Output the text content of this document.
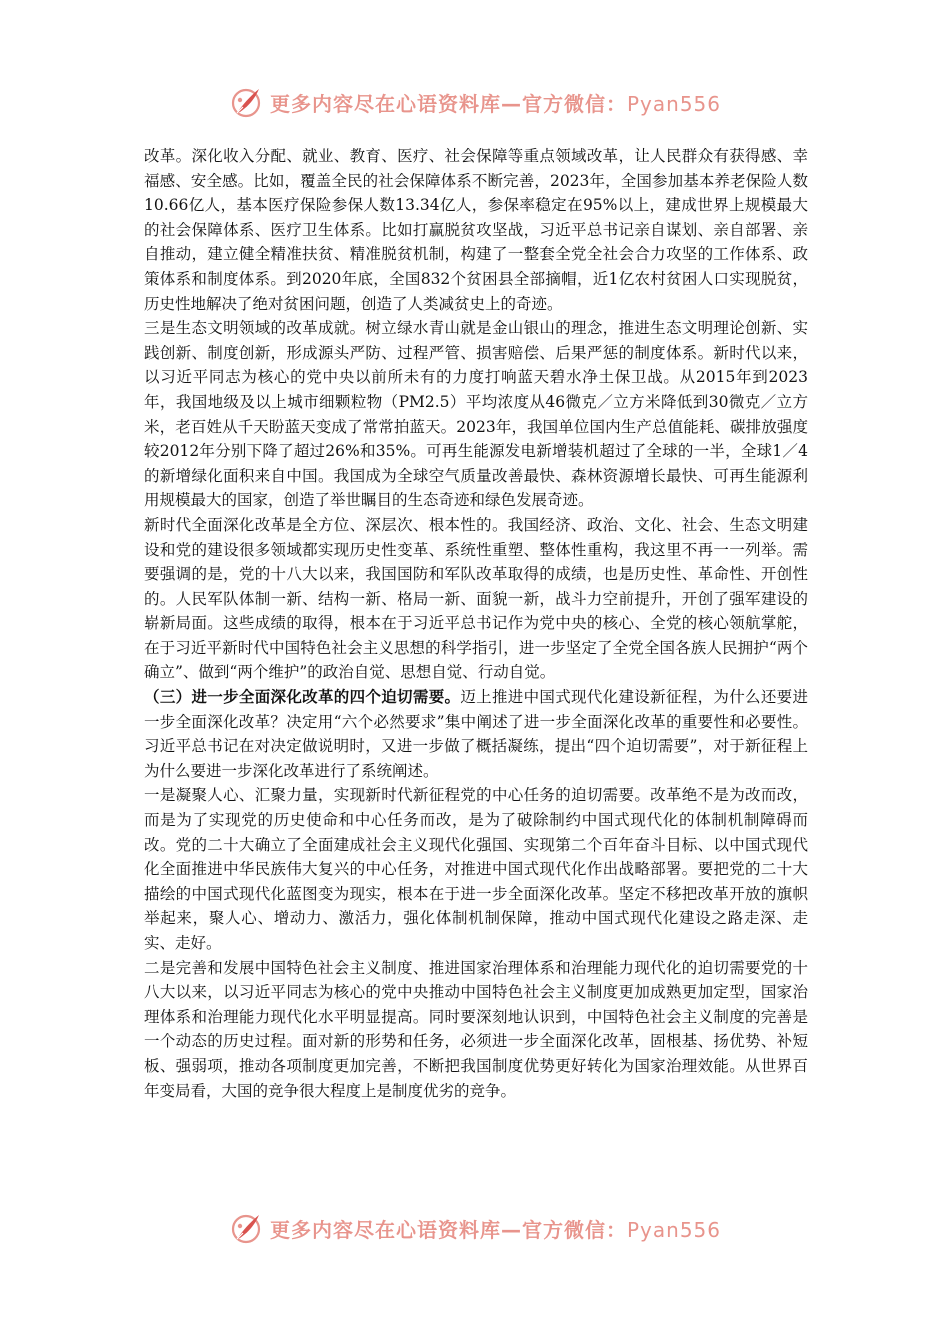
更多内容尽在心语资料库—官方微信：Pyan556

改革。深化收入分配、就业、教育、医疗、社会保障等重点领域改革，让人民群众有获得感、幸福感、安全感。比如，覆盖全民的社会保障体系不断完善，2023年，全国参加基本养老保险人数10.66亿人，基本医疗保险参保人数13.34亿人，参保率稳定在95%以上，建成世界上规模最大的社会保障体系、医疗卫生体系。比如打赢脱贫攻坚战，习近平总书记亲自谋划、亲自部署、亲自推动，建立健全精准扶贫、精准脱贫机制，构建了一整套全党全社会合力攻坚的工作体系、政策体系和制度体系。到2020年底，全国832个贫困县全部摘帽，近1亿农村贫困人口实现脱贫，历史性地解决了绝对贫困问题，创造了人类减贫史上的奇迹。

三是生态文明领域的改革成就。树立绿水青山就是金山银山的理念，推进生态文明理论创新、实践创新、制度创新，形成源头严防、过程严管、损害赔偿、后果严惩的制度体系。新时代以来，以习近平同志为核心的党中央以前所未有的力度打响蓝天碧水净土保卫战。从2015年到2023年，我国地级及以上城市细颗粒物（PM2.5）平均浓度从46微克／立方米降低到30微克／立方米，老百姓从千天盼蓝天变成了常常拍蓝天。2023年，我国单位国内生产总值能耗、碳排放强度较2012年分别下降了超过26%和35%。可再生能源发电新增装机超过了全球的一半，全球1／4的新增绿化面积来自中国。我国成为全球空气质量改善最快、森林资源增长最快、可再生能源利用规模最大的国家，创造了举世瞩目的生态奇迹和绿色发展奇迹。

新时代全面深化改革是全方位、深层次、根本性的。我国经济、政治、文化、社会、生态文明建设和党的建设很多领域都实现历史性变革、系统性重塑、整体性重构，我这里不再一一列举。需要强调的是，党的十八大以来，我国国防和军队改革取得的成绩，也是历史性、革命性、开创性的。人民军队体制一新、结构一新、格局一新、面貌一新，战斗力空前提升，开创了强军建设的崭新局面。这些成绩的取得，根本在于习近平总书记作为党中央的核心、全党的核心领航掌舵，在于习近平新时代中国特色社会主义思想的科学指引，进一步坚定了全党全国各族人民拥护“两个确立”、做到“两个维护”的政治自觉、思想自觉、行动自觉。

（三）进一步全面深化改革的四个迫切需要。迈上推进中国式现代化建设新征程，为什么还要进一步全面深化改革？决定用“六个必然要求”集中阐述了进一步全面深化改革的重要性和必要性。习近平总书记在对决定做说明时，又进一步做了概括凝练，提出“四个迫切需要”，对于新征程上为什么要进一步深化改革进行了系统阐述。

一是凝聚人心、汇聚力量，实现新时代新征程党的中心任务的迫切需要。改革绝不是为改而改，而是为了实现党的历史使命和中心任务而改，是为了破除制约中国式现代化的体制机制障碍而改。党的二十大确立了全面建成社会主义现代化强国、实现第二个百年奋斗目标、以中国式现代化全面推进中华民族伟大复兴的中心任务，对推进中国式现代化作出战略部署。要把党的二十大描绘的中国式现代化蓝图变为现实，根本在于进一步全面深化改革。坚定不移把改革开放的旗帜举起来，聚人心、增动力、激活力，强化体制机制保障，推动中国式现代化建设之路走深、走实、走好。

二是完善和发展中国特色社会主义制度、推进国家治理体系和治理能力现代化的迫切需要党的十八大以来，以习近平同志为核心的党中央推动中国特色社会主义制度更加成熟更加定型，国家治理体系和治理能力现代化水平明显提高。同时要深刻地认识到，中国特色社会主义制度的完善是一个动态的历史过程。面对新的形势和任务，必须进一步全面深化改革，固根基、扬优势、补短板、强弱项，推动各项制度更加完善，不断把我国制度优势更好转化为国家治理效能。从世界百年变局看，大国的竞争很大程度上是制度优劣的竞争。

更多内容尽在心语资料库—官方微信：Pyan556
